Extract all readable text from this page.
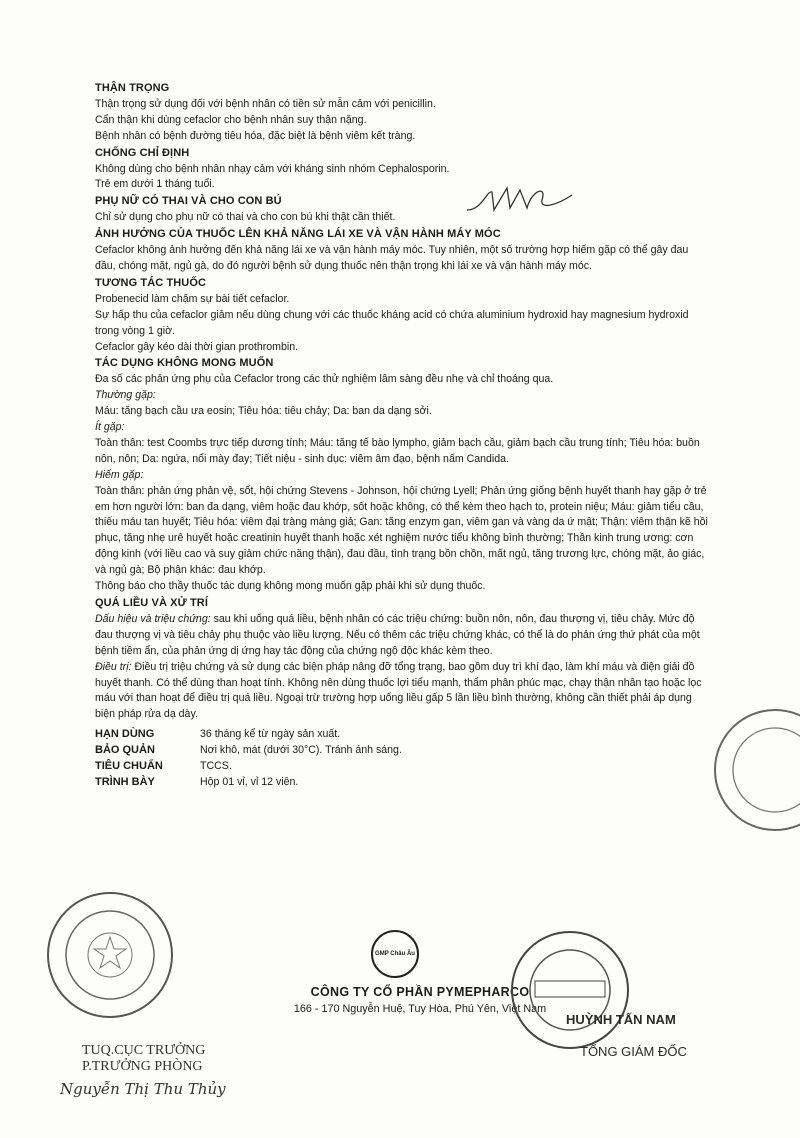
THẬN TRỌNG

Thận trọng sử dụng đối với bệnh nhân có tiền sử mẫn cảm với penicillin.

Cẩn thận khi dùng cefaclor cho bệnh nhân suy thận nặng.

Bệnh nhân có bệnh đường tiêu hóa, đặc biệt là bệnh viêm kết tràng.

CHỐNG CHỈ ĐỊNH

Không dùng cho bệnh nhân nhạy cảm với kháng sinh nhóm Cephalosporin.

Trẻ em dưới 1 tháng tuổi.

PHỤ NỮ CÓ THAI VÀ CHO CON BÚ

Chỉ sử dụng cho phụ nữ có thai và cho con bú khi thật cần thiết.

ẢNH HƯỞNG CỦA THUỐC LÊN KHẢ NĂNG LÁI XE VÀ VẬN HÀNH MÁY MÓC

Cefaclor không ảnh hưởng đến khả năng lái xe và vận hành máy móc. Tuy nhiên, một số trường hợp hiếm gặp có thể gây đau đầu, chóng mặt, ngủ gà, do đó người bệnh sử dụng thuốc nên thận trọng khi lái xe và vận hành máy móc.

TƯƠNG TÁC THUỐC

Probenecid làm chậm sự bài tiết cefaclor.

Sự hấp thu của cefaclor giảm nếu dùng chung với các thuốc kháng acid có chứa aluminium hydroxid hay magnesium hydroxid trong vòng 1 giờ.

Cefaclor gây kéo dài thời gian prothrombin.

TÁC DỤNG KHÔNG MONG MUỐN

Đa số các phản ứng phụ của Cefaclor trong các thử nghiệm lâm sàng đều nhẹ và chỉ thoáng qua.

Thường gặp:

Máu: tăng bạch cầu ưa eosin; Tiêu hóa: tiêu chảy; Da: ban da dạng sởi.

Ít gặp:

Toàn thân: test Coombs trực tiếp dương tính; Máu: tăng tế bào lympho, giảm bạch cầu, giảm bạch cầu trung tính; Tiêu hóa: buồn nôn, nôn; Da: ngứa, nổi mày đay; Tiết niệu - sinh dục: viêm âm đạo, bệnh nấm Candida.

Hiếm gặp:

Toàn thân: phản ứng phản vệ, sốt, hội chứng Stevens - Johnson, hội chứng Lyell; Phản ứng giống bệnh huyết thanh hay gặp ở trẻ em hơn người lớn: ban đa dạng, viêm hoặc đau khớp, sốt hoặc không, có thể kèm theo hạch to, protein niệu; Máu: giảm tiểu cầu, thiếu máu tan huyết; Tiêu hóa: viêm đại tràng màng giả; Gan: tăng enzym gan, viêm gan và vàng da ứ mật; Thận: viêm thận kẽ hồi phục, tăng nhẹ urê huyết hoặc creatinin huyết thanh hoặc xét nghiệm nước tiểu không bình thường; Thần kinh trung ương: cơn động kinh (với liều cao và suy giảm chức năng thận), đau đầu, tình trạng bồn chồn, mất ngủ, tăng trương lực, chóng mặt, ảo giác, và ngủ gà; Bộ phận khác: đau khớp.

Thông báo cho thầy thuốc tác dụng không mong muốn gặp phải khi sử dụng thuốc.

QUÁ LIỀU VÀ XỬ TRÍ

Dấu hiệu và triệu chứng: sau khi uống quá liều, bệnh nhân có các triệu chứng: buồn nôn, nôn, đau thượng vị, tiêu chảy. Mức độ đau thượng vị và tiêu chảy phụ thuộc vào liều lượng. Nếu có thêm các triệu chứng khác, có thể là do phản ứng thứ phát của một bệnh tiềm ẩn, của phản ứng dị ứng hay tác động của chứng ngộ độc khác kèm theo.

Điều trị: Điều trị triệu chứng và sử dụng các biện pháp nâng đỡ tổng trạng, bao gồm duy trì khí đạo, làm khí máu và điện giải đồ huyết thanh. Có thể dùng than hoạt tính. Không nên dùng thuốc lợi tiểu mạnh, thẩm phân phúc mạc, chạy thận nhân tạo hoặc lọc máu với than hoạt để điều trị quá liều. Ngoại trừ trường hợp uống liều gấp 5 lần liều bình thường, không cần thiết phải áp dụng biện pháp rửa dạ dày.

HẠN DÙNG	36 tháng kể từ ngày sản xuất.
BẢO QUẢN	Nơi khô, mát (dưới 30°C). Tránh ánh sáng.
TIÊU CHUẨN	TCCS.
TRÌNH BÀY	Hộp 01 vỉ, vỉ 12 viên.
GMP Châu Âu
CÔNG TY CỔ PHẦN PYMEPHARCO
166 - 170 Nguyễn Huệ, Tuy Hòa, Phú Yên, Việt Nam
TUQ.CỤC TRƯỞNG
P.TRƯỞNG PHÒNG
Nguyễn Thị Thu Thủy
HUỲNH TẤN NAM
TỔNG GIÁM ĐỐC
